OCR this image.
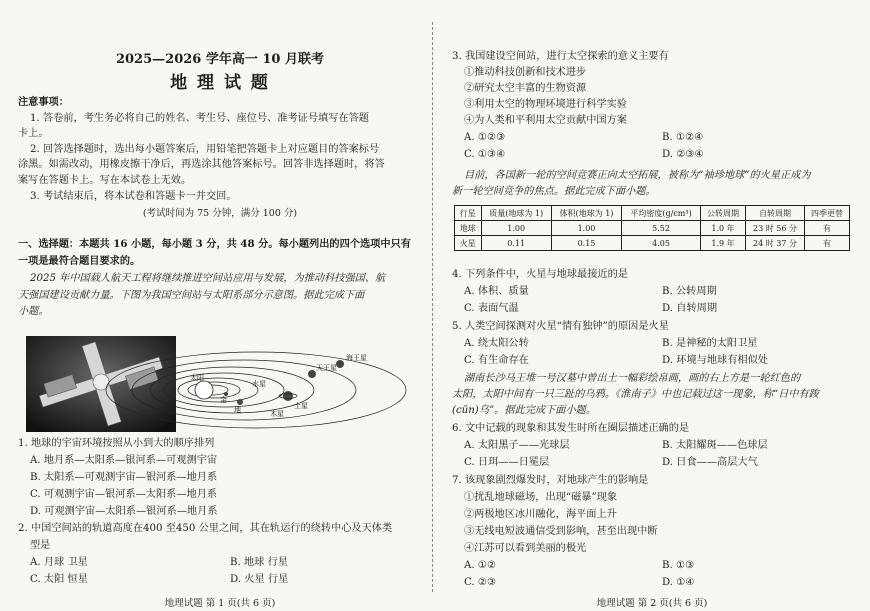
2025—2026 学年高一 10 月联考
地 理 试 题
注意事项：
1. 答卷前，考生务必将自己的姓名、考生号、座位号、准考证号填写在答题
卡上。
2. 回答选择题时，选出每小题答案后，用铅笔把答题卡上对应题目的答案标号
涂黑。如需改动，用橡皮擦干净后，再选涂其他答案标号。回答非选择题时，将答
案写在答题卡上。写在本试卷上无效。
3. 考试结束后，将本试卷和答题卡一并交回。
(考试时间为 75 分钟，满分 100 分)
一、选择题：本题共 16 小题，每小题 3 分，共 48 分。每小题列出的四个选项中只有
一项是最符合题目要求的。
2025 年中国载人航天工程将继续推进空间站应用与发展，为推动科技强国、航
天强国建设贡献力量。下图为我国空间站与太阳系部分示意图。据此完成下面
小题。
天王星
海王星
太阳
水星
土星
木星
金
地
1. 地球的宇宙环境按照从小到大的顺序排列
A. 地月系—太阳系—银河系—可观测宇宙
B. 太阳系—可观测宇宙—银河系—地月系
C. 可观测宇宙—银河系—太阳系—地月系
D. 可观测宇宙—太阳系—银河系—地月系
2. 中国空间站的轨道高度在400 至450 公里之间，其在轨运行的绕转中心及天体类
型是
A. 月球 卫星	B. 地球 行星
C. 太阳 恒星	D. 火星 行星
地理试题 第 1 页(共 6 页)
3. 我国建设空间站，进行太空探索的意义主要有
①推动科技创新和技术进步
②研究太空丰富的生物资源
③利用太空的物理环境进行科学实验
④为人类和平利用太空贡献中国方案
A. ①②③	B. ①②④
C. ①③④	D. ②③④
目前，各国新一轮的空间竞赛正向太空拓展，被称为“袖珍地球”的火星正成为
新一轮空间竞争的焦点。据此完成下面小题。
行星	质量(地球为 1)	体积(地球为 1)	平均密度(g/cm³)	公转周期	自转周期	四季更替
地球	1.00	1.00	5.52	1.0 年	23 时 56 分	有
火星	0.11	0.15	4.05	1.9 年	24 时 37 分	有
4. 下列条件中，火星与地球最接近的是
A. 体积、质量	B. 公转周期
C. 表面气温	D. 自转周期
5. 人类空间探测对火星“情有独钟”的原因是火星
A. 绕太阳公转	B. 是神秘的太阳卫星
C. 有生命存在	D. 环境与地球有相似处
湖南长沙马王堆一号汉墓中曾出土一幅彩绘帛画，画的右上方是一轮红色的
太阳，太阳中间有一只三趾的乌鸦。《淮南子》中也记载过这一现象，称“日中有踆
(cūn)乌”。据此完成下面小题。
6. 文中记载的现象和其发生时所在圈层描述正确的是
A. 太阳黑子——光球层	B. 太阳耀斑——色球层
C. 日珥——日冕层	D. 日食——高层大气
7. 该现象剧烈爆发时，对地球产生的影响是
①扰乱地球磁场，出现“磁暴”现象
②两极地区冰川融化，海平面上升
③无线电短波通信受到影响，甚至出现中断
④江苏可以看到美丽的极光
A. ①②	B. ①③
C. ②③	D. ①④
地理试题 第 2 页(共 6 页)
